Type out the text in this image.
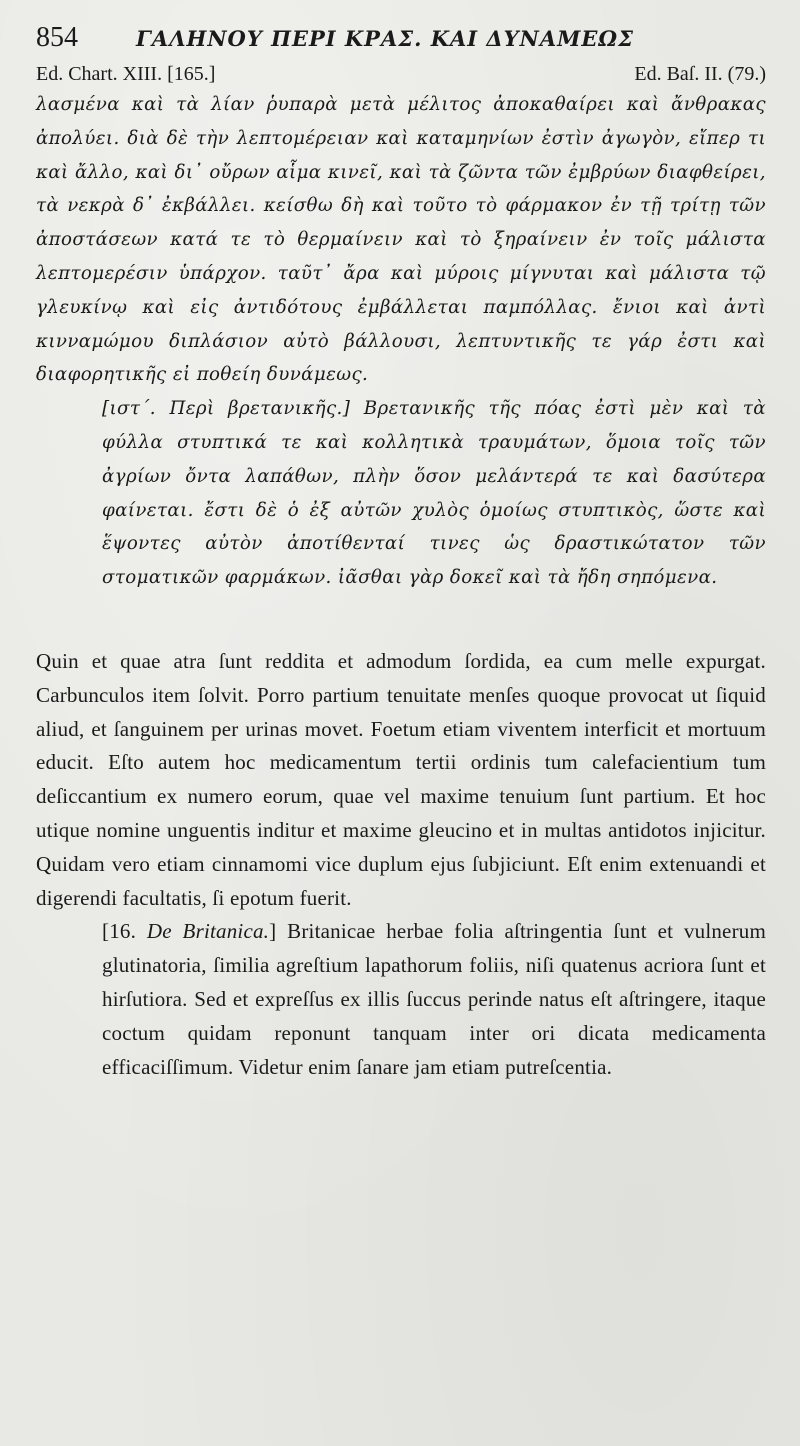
854	ΓΑΛΗΝΟΥ ΠΕΡΙ ΚΡΑΣ. ΚΑΙ ΔΥΝΑΜΕΩΣ
Ed. Chart. XIII. [165.]	Ed. Baſ. II. (79.)

λασμένα καὶ τὰ λίαν ῥυπαρὰ μετὰ μέλιτος ἀποκαθαίρει καὶ ἄνθρακας ἀπολύει. διὰ δὲ τὴν λεπτομέρειαν καὶ καταμηνίων ἐστὶν ἀγωγὸν, εἴπερ τι καὶ ἄλλο, καὶ δι᾽ οὔρων αἷμα κινεῖ, καὶ τὰ ζῶντα τῶν ἐμβρύων διαφθείρει, τὰ νεκρὰ δ᾽ ἐκβάλλει. κείσθω δὴ καὶ τοῦτο τὸ φάρμακον ἐν τῇ τρίτῃ τῶν ἀποστάσεων κατά τε τὸ θερμαίνειν καὶ τὸ ξηραίνειν ἐν τοῖς μάλιστα λεπτομερέσιν ὑπάρχον. ταῦτ᾽ ἄρα καὶ μύροις μίγνυται καὶ μάλιστα τῷ γλευκίνῳ καὶ εἰς ἀντιδότους ἐμβάλλεται παμπόλλας. ἔνιοι καὶ ἀντὶ κινναμώμου διπλάσιον αὐτὸ βάλλουσι, λεπτυντικῆς τε γάρ ἐστι καὶ διαφορητικῆς εἰ ποθείη δυνάμεως.

[ιστ΄. Περὶ βρετανικῆς.] Βρετανικῆς τῆς πόας ἐστὶ μὲν καὶ τὰ φύλλα στυπτικά τε καὶ κολλητικὰ τραυμάτων, ὅμοια τοῖς τῶν ἀγρίων ὄντα λαπάθων, πλὴν ὅσον μελάντερά τε καὶ δασύτερα φαίνεται. ἔστι δὲ ὁ ἐξ αὐτῶν χυλὸς ὁμοίως στυπτικὸς, ὥστε καὶ ἕψοντες αὐτὸν ἀποτίθενταί τινες ὡς δραστικώτατον τῶν στοματικῶν φαρμάκων. ἰᾶσθαι γὰρ δοκεῖ καὶ τὰ ἤδη σηπόμενα.

Quin et quae atra ſunt reddita et admodum ſordida, ea cum melle expurgat. Carbunculos item ſolvit. Porro partium tenuitate menſes quoque provocat ut ſiquid aliud, et ſanguinem per urinas movet. Foetum etiam viventem interficit et mortuum educit. Eſto autem hoc medicamentum tertii ordinis tum calefacientium tum deſiccantium ex numero eorum, quae vel maxime tenuium ſunt partium. Et hoc utique nomine unguentis inditur et maxime gleucino et in multas antidotos injicitur. Quidam vero etiam cinnamomi vice duplum ejus ſubjiciunt. Eſt enim extenuandi et digerendi facultatis, ſi epotum fuerit.

[16. De Britanica.] Britanicae herbae folia aſtringentia ſunt et vulnerum glutinatoria, ſimilia agreſtium lapathorum foliis, niſi quatenus acriora ſunt et hirſutiora. Sed et expreſſus ex illis ſuccus perinde natus eſt aſtringere, itaque coctum quidam reponunt tanquam inter ori dicata medicamenta efficaciſſimum. Videtur enim ſanare jam etiam putreſcentia.
